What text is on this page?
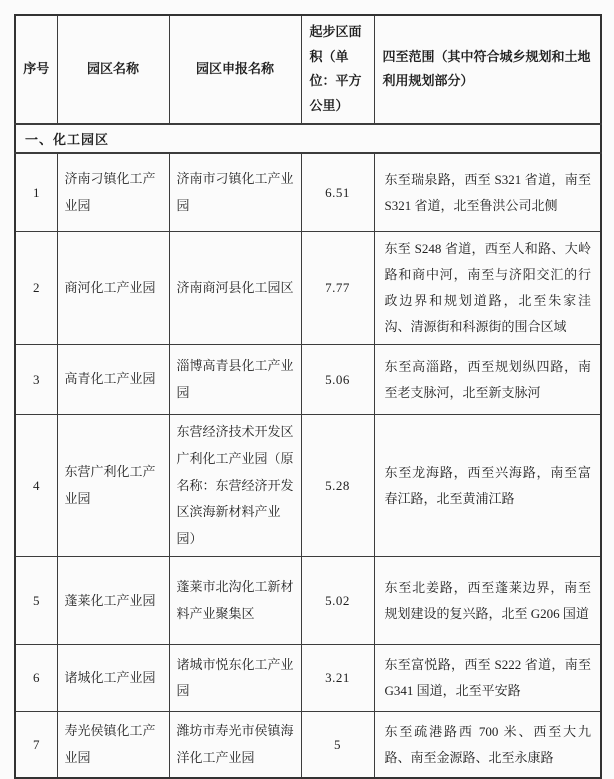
序号	园区名称	园区申报名称	起步区面积（单位：平方公里）	四至范围（其中符合城乡规划和土地利用规划部分）
一、化工园区				
1	济南刁镇化工产业园	济南市刁镇化工产业园	6.51	东至瑞泉路，西至 S321 省道，南至 S321 省道，北至鲁洪公司北侧
2	商河化工产业园	济南商河县化工园区	7.77	东至 S248 省道，西至人和路、大岭路和商中河，南至与济阳交汇的行政边界和规划道路，北至朱家洼沟、清源街和科源街的围合区域
3	高青化工产业园	淄博高青县化工产业园	5.06	东至高淄路，西至规划纵四路，南至老支脉河，北至新支脉河
4	东营广利化工产业园	东营经济技术开发区广利化工产业园（原名称：东营经济开发区滨海新材料产业园）	5.28	东至龙海路，西至兴海路，南至富春江路，北至黄浦江路
5	蓬莱化工产业园	蓬莱市北沟化工新材料产业聚集区	5.02	东至北姜路，西至蓬莱边界，南至规划建设的复兴路，北至 G206 国道
6	诸城化工产业园	诸城市悦东化工产业园	3.21	东至富悦路，西至 S222 省道，南至 G341 国道，北至平安路
7	寿光侯镇化工产业园	潍坊市寿光市侯镇海洋化工产业园	5	东至疏港路西 700 米、西至大九路、南至金源路、北至永康路
